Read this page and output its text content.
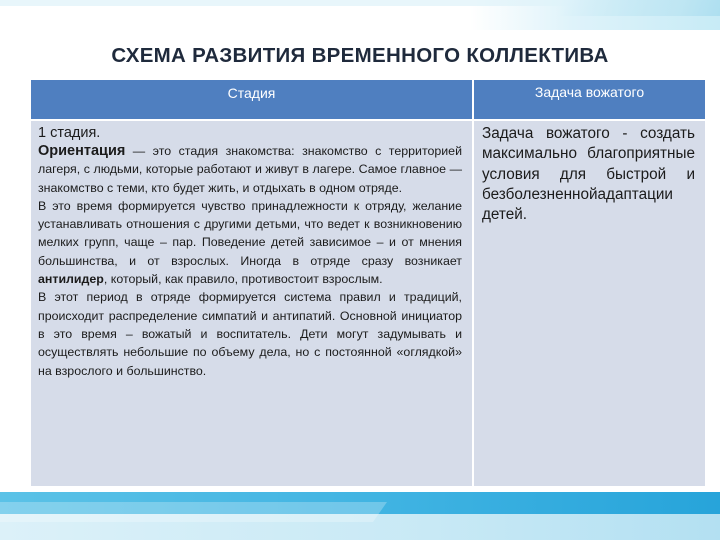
СХЕМА РАЗВИТИЯ ВРЕМЕННОГО КОЛЛЕКТИВА
Стадия	Задача вожатого

1 стадия.

Ориентация — это стадия знакомства: знакомство с территорией лагеря, с людьми, которые работают и живут в лагере. Самое главное — знакомство с теми, кто будет жить, и отдыхать в одном отряде.

В это время формируется чувство принадлежности к отряду, желание устанавливать отношения с другими детьми, что ведет к возникновению мелких групп, чаще – пар. Поведение детей зависимое – и от мнения большинства, и от взрослых. Иногда в отряде сразу возникает антилидер, который, как правило, противостоит взрослым.

В этот период в отряде формируется система правил и традиций, происходит распределение симпатий и антипатий. Основной инициатор в это время – вожатый и воспитатель. Дети могут задумывать и осуществлять небольшие по объему дела, но с постоянной «оглядкой» на взрослого и большинство.

Задача вожатого - создать максимально благоприятные условия для быстрой и безболезненнойадаптации детей.
